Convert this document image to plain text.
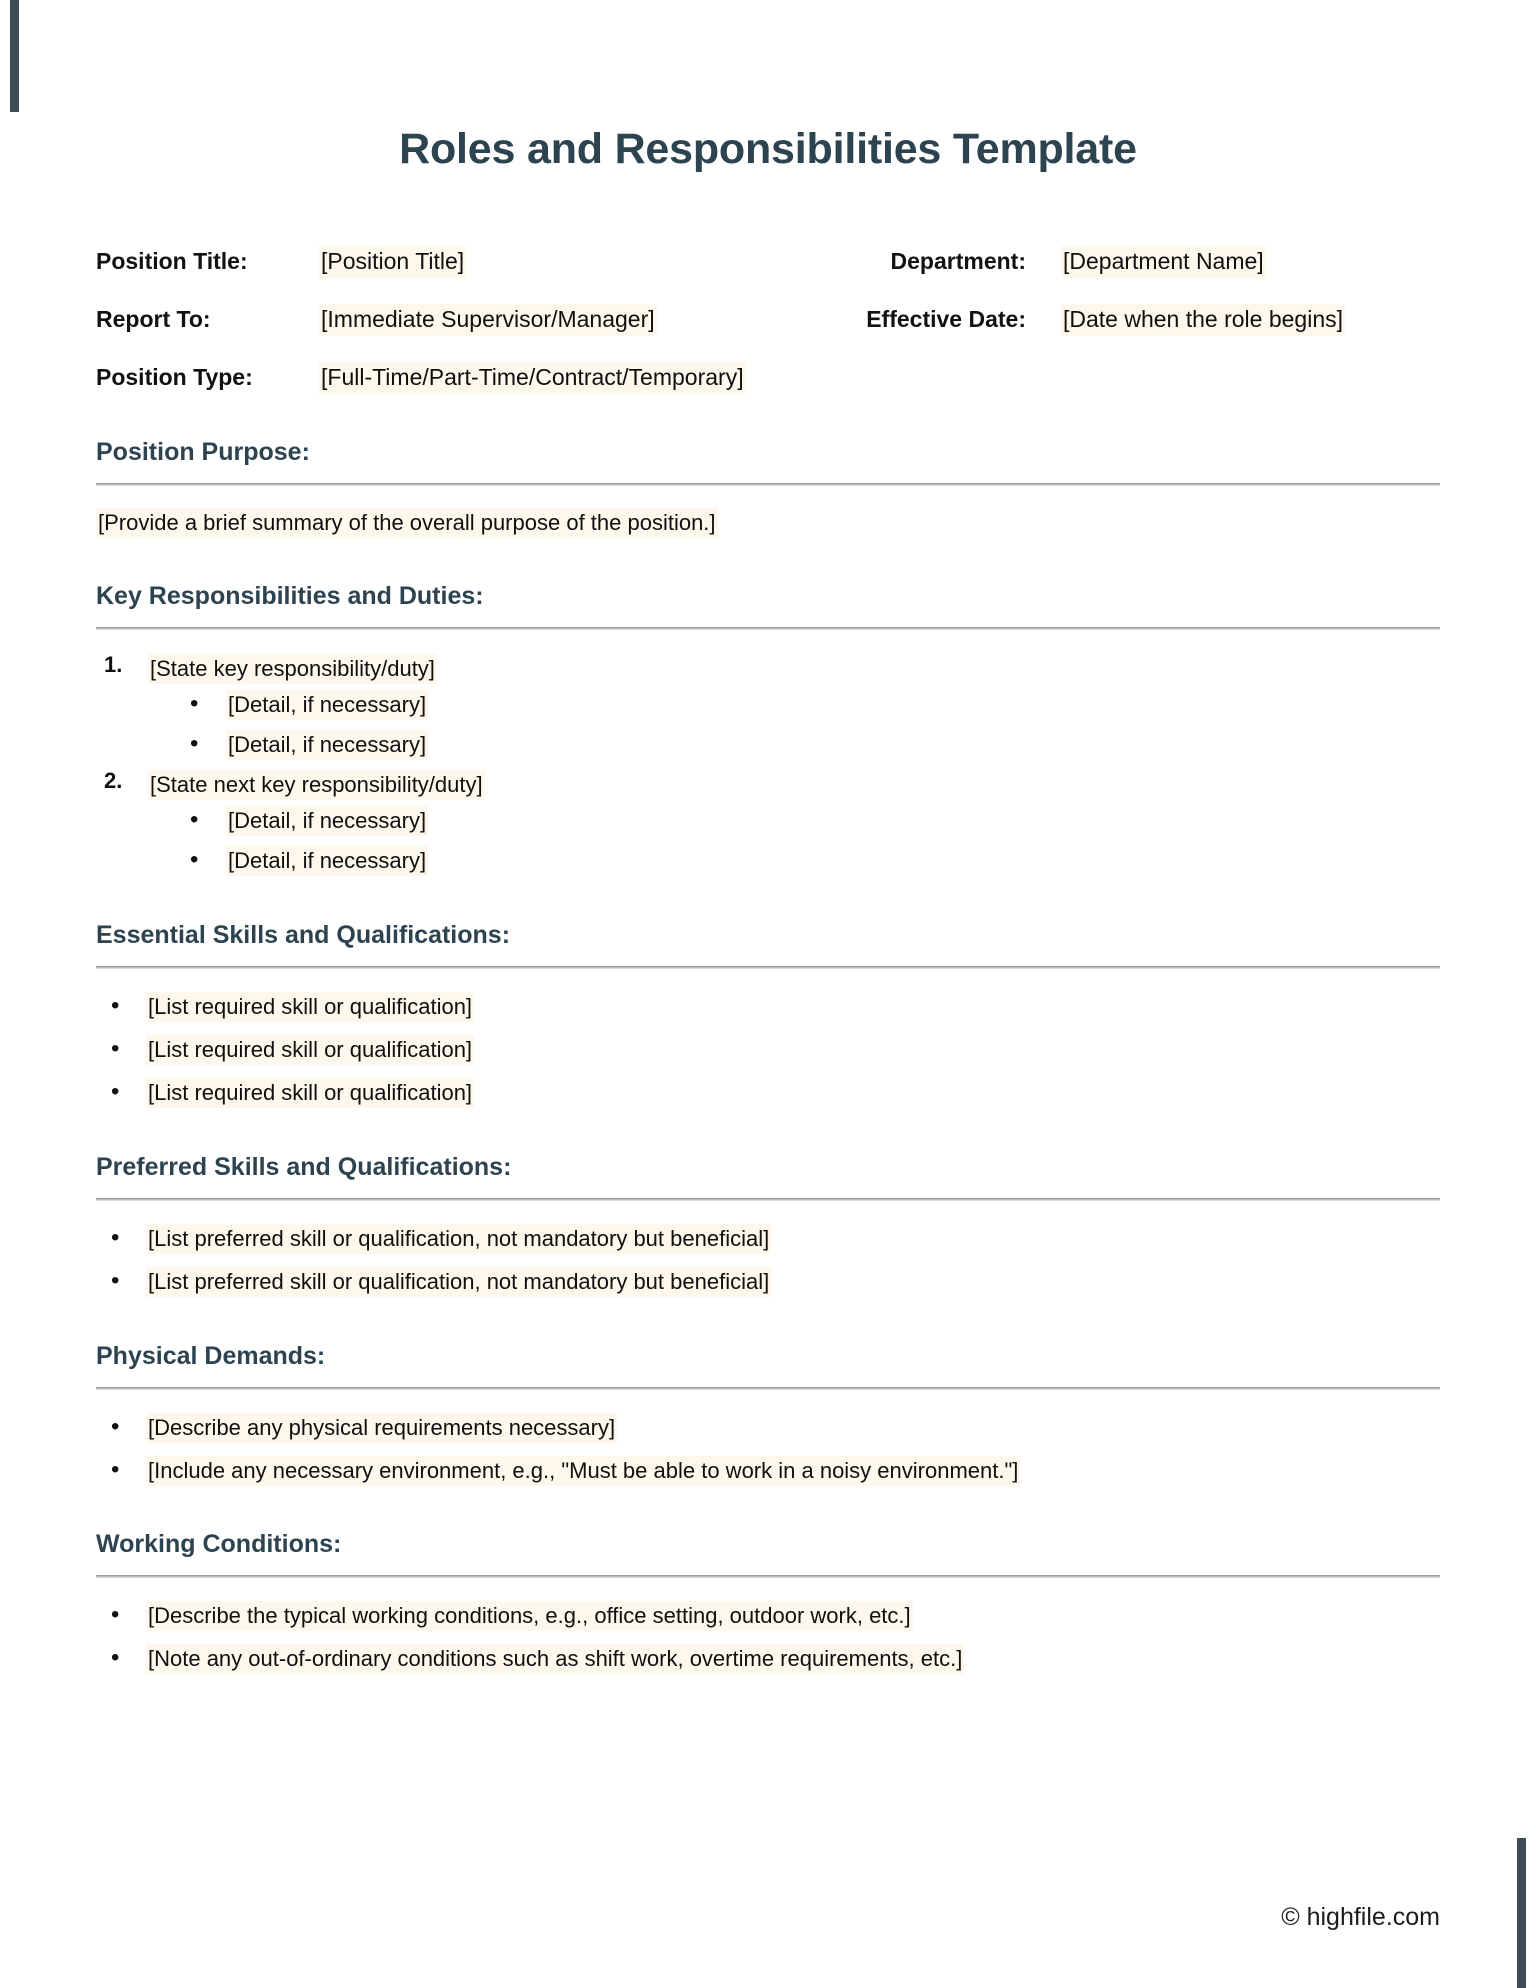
Roles and Responsibilities Template
Position Title:	[Position Title]	Department: [Department Name]
Report To:	[Immediate Supervisor/Manager]	Effective Date: [Date when the role begins]
Position Type:	[Full-Time/Part-Time/Contract/Temporary]
Position Purpose:
[Provide a brief summary of the overall purpose of the position.]
Key Responsibilities and Duties:
1. [State key responsibility/duty]
• [Detail, if necessary]
• [Detail, if necessary]
2. [State next key responsibility/duty]
• [Detail, if necessary]
• [Detail, if necessary]
Essential Skills and Qualifications:
• [List required skill or qualification]
• [List required skill or qualification]
• [List required skill or qualification]
Preferred Skills and Qualifications:
• [List preferred skill or qualification, not mandatory but beneficial]
• [List preferred skill or qualification, not mandatory but beneficial]
Physical Demands:
• [Describe any physical requirements necessary]
• [Include any necessary environment, e.g., "Must be able to work in a noisy environment."]
Working Conditions:
• [Describe the typical working conditions, e.g., office setting, outdoor work, etc.]
• [Note any out-of-ordinary conditions such as shift work, overtime requirements, etc.]
© highfile.com
